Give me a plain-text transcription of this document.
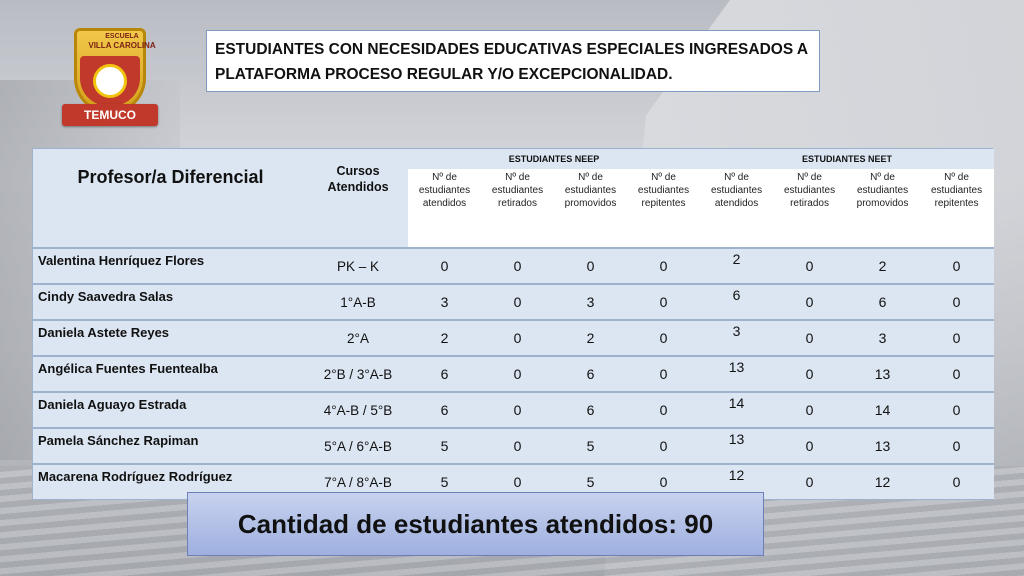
ESCUELA
VILLA CAROLINA
TEMUCO
ESTUDIANTES CON NECESIDADES EDUCATIVAS ESPECIALES INGRESADOS A
PLATAFORMA PROCESO REGULAR Y/O EXCEPCIONALIDAD.
Profesor/a Diferencial	Cursos Atendidos	ESTUDIANTES NEEP				ESTUDIANTES NEET			
		Nº de estudiantes atendidos	Nº de estudiantes retirados	Nº de estudiantes promovidos	Nº de estudiantes repitentes	Nº de estudiantes atendidos	Nº de estudiantes retirados	Nº de estudiantes promovidos	Nº de estudiantes repitentes
Valentina Henríquez Flores	PK – K	0	0	0	0	2	0	2	0
Cindy Saavedra Salas	1°A-B	3	0	3	0	6	0	6	0
Daniela Astete Reyes	2°A	2	0	2	0	3	0	3	0
Angélica Fuentes Fuentealba	2°B / 3°A-B	6	0	6	0	13	0	13	0
Daniela Aguayo Estrada	4°A-B / 5°B	6	0	6	0	14	0	14	0
Pamela Sánchez Rapiman	5°A / 6°A-B	5	0	5	0	13	0	13	0
Macarena Rodríguez Rodríguez	7°A / 8°A-B	5	0	5	0	12	0	12	0
Cantidad de estudiantes atendidos: 90
